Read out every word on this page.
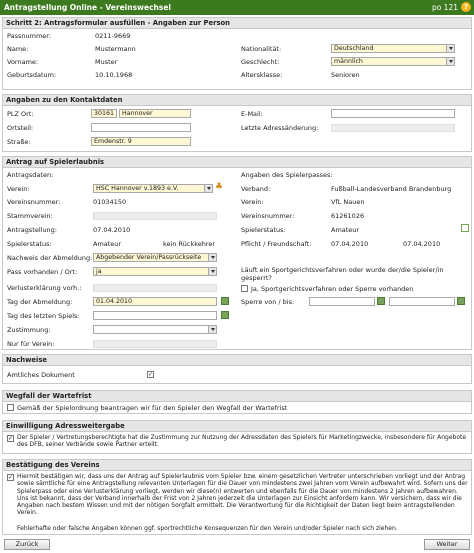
Antragstellung Online - Vereinswechsel	po 121 ?
Schritt 2: Antragsformular ausfüllen - Angaben zur Person
Passnummer:	0211-9669
Name:	Mustermann
Vorname:	Muster
Geburtsdatum:	10.10.1968
Nationalität:	Deutschland
Geschlecht:	männlich
Altersklasse:	Senioren
Angaben zu den Kontaktdaten
PLZ Ort:	30161	Hannover
Ortsteil:
Straße:	Emdenstr. 9
E-Mail:
Letzte Adressänderung:
Antrag auf Spielerlaubnis
Antragsdaten:
Verein:	HSC Hannover v.1893 e.V.	♣
Vereinsnummer:	01034150
Stammverein:
Antragstellung:	07.04.2010
Spielerstatus:	Amateur	kein Rückkehrer
Nachweis der Abmeldung: Abgebender Verein/Passrückseite
Pass vorhanden / Ort:	ja
Verlusterklärung vorh.:
Tag der Abmeldung:	01.04.2010
Tag des letzten Spiels:
Zustimmung:
Nur für Verein:
Angaben des Spielerpasses:
Verband:	Fußball-Landesverband Brandenburg
Verein:	VfL Nauen
Vereinsnummer:	61261026
Spielerstatus:	Amateur
Pflicht / Freundschaft:	07.04.2010	07.04.2010
Läuft ein Sportgerichtsverfahren oder wurde der/die Spieler/in gesperrt?
Ja, Sportgerichtsverfahren oder Sperre vorhanden
Sperre von / bis:
Nachweise
Amtliches Dokument	✓
Wegfall der Wartefrist
Gemäß der Spielordnung beantragen wir für den Spieler den Wegfall der Wartefrist
Einwilligung Adressweitergabe
✓ Der Spieler / Vertretungsberechtigte hat die Zustimmung zur Nutzung der Adressdaten des Spielers für Marketingzwecke, insbesondere für Angebote des DFB, seiner Verbände sowie Partner erteilt.
Bestätigung des Vereins
✓ Hiermit bestätigen wir, dass uns der Antrag auf Spielerlaubnis vom Spieler bzw. einem gesetzlichen Vertreter unterschrieben vorliegt und der Antrag sowie sämtliche für eine Antragstellung relevanten Unterlagen für die Dauer von mindestens zwei Jahren vom Verein aufbewahrt wird. Sofern uns der Spielerpass oder eine Verlusterklärung vorliegt, werden wir diese(n) entwerten und ebenfalls für die Dauer von mindestens 2 Jahren aufbewahren. Uns ist bekannt, dass der Verband innerhalb der Frist von 2 Jahren jederzeit die Unterlagen zur Einsicht anfordern kann. Wir versichern, dass wir die Angaben nach bestem Wissen und mit der nötigen Sorgfalt ermittelt. Die Verantwortung für die Richtigkeit der Daten liegt beim antragstellenden Verein.
Fehlerhafte oder falsche Angaben können ggf. sportrechtliche Konsequenzen für den Verein und/oder Spieler nach sich ziehen.
Zurück	Weiter
